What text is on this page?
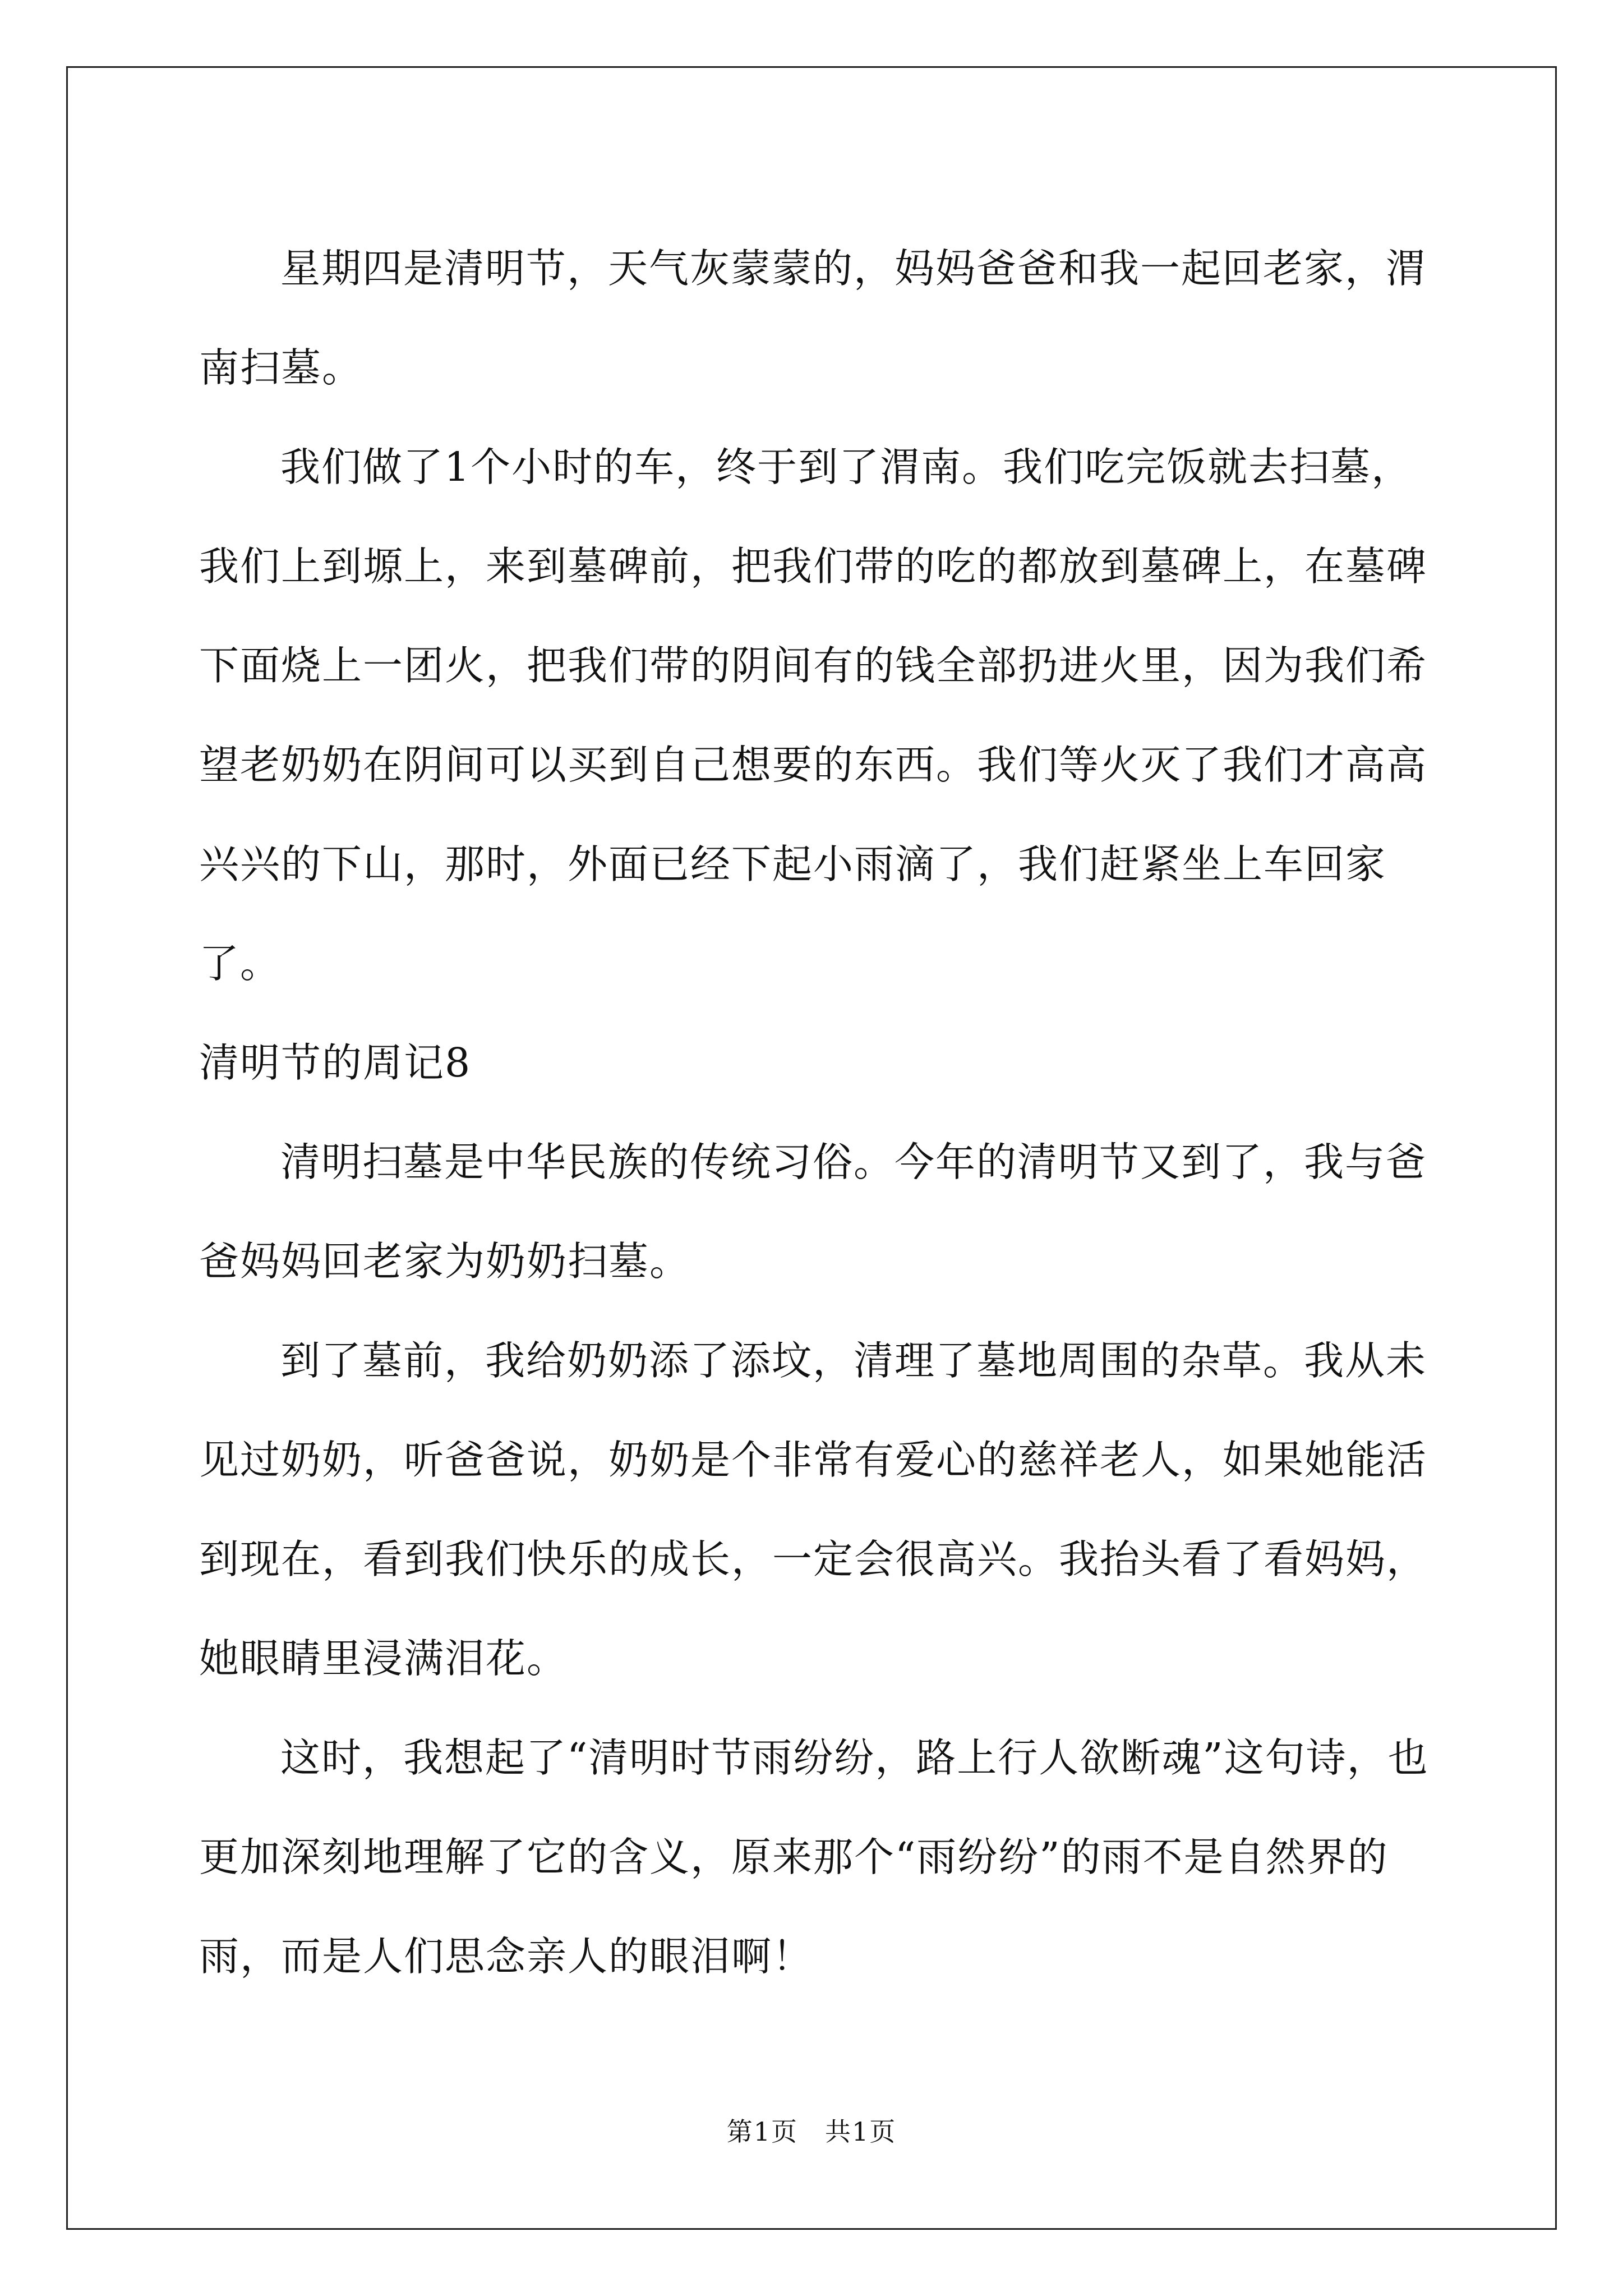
星期四是清明节，天气灰蒙蒙的，妈妈爸爸和我一起回老家，渭南扫墓。

我们做了1个小时的车，终于到了渭南。我们吃完饭就去扫墓，我们上到塬上，来到墓碑前，把我们带的吃的都放到墓碑上，在墓碑下面烧上一团火，把我们带的阴间有的钱全部扔进火里，因为我们希望老奶奶在阴间可以买到自己想要的东西。我们等火灭了我们才高高兴兴的下山，那时，外面已经下起小雨滴了，我们赶紧坐上车回家了。

清明节的周记8

清明扫墓是中华民族的传统习俗。今年的清明节又到了，我与爸爸妈妈回老家为奶奶扫墓。

到了墓前，我给奶奶添了添坟，清理了墓地周围的杂草。我从未见过奶奶，听爸爸说，奶奶是个非常有爱心的慈祥老人，如果她能活到现在，看到我们快乐的成长，一定会很高兴。我抬头看了看妈妈，她眼睛里浸满泪花。

这时，我想起了“清明时节雨纷纷，路上行人欲断魂”这句诗，也更加深刻地理解了它的含义，原来那个“雨纷纷”的雨不是自然界的雨，而是人们思念亲人的眼泪啊！

第1页　共1页
